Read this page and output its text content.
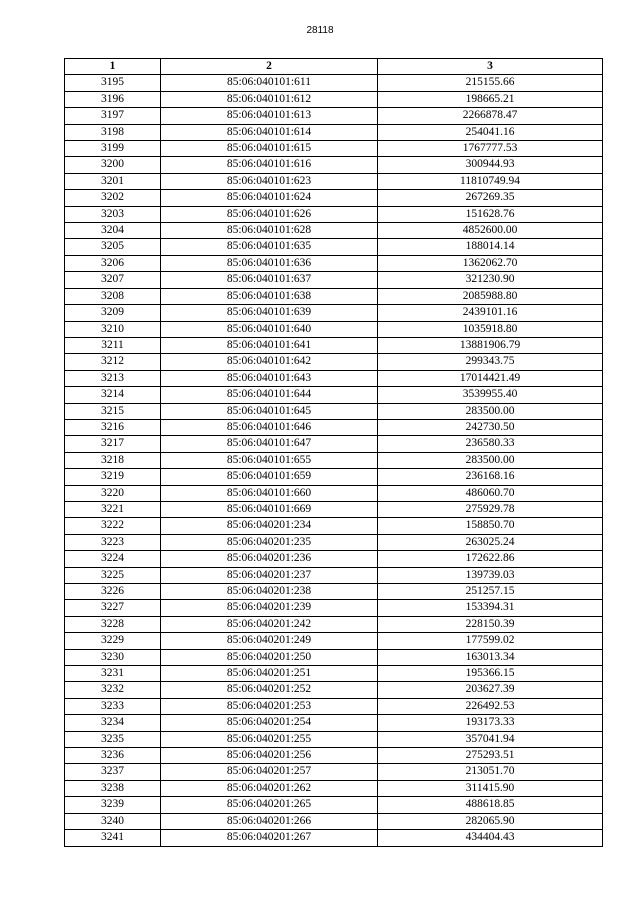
28118
1	2	3
3195	85:06:040101:611	215155.66
3196	85:06:040101:612	198665.21
3197	85:06:040101:613	2266878.47
3198	85:06:040101:614	254041.16
3199	85:06:040101:615	1767777.53
3200	85:06:040101:616	300944.93
3201	85:06:040101:623	11810749.94
3202	85:06:040101:624	267269.35
3203	85:06:040101:626	151628.76
3204	85:06:040101:628	4852600.00
3205	85:06:040101:635	188014.14
3206	85:06:040101:636	1362062.70
3207	85:06:040101:637	321230.90
3208	85:06:040101:638	2085988.80
3209	85:06:040101:639	2439101.16
3210	85:06:040101:640	1035918.80
3211	85:06:040101:641	13881906.79
3212	85:06:040101:642	299343.75
3213	85:06:040101:643	17014421.49
3214	85:06:040101:644	3539955.40
3215	85:06:040101:645	283500.00
3216	85:06:040101:646	242730.50
3217	85:06:040101:647	236580.33
3218	85:06:040101:655	283500.00
3219	85:06:040101:659	236168.16
3220	85:06:040101:660	486060.70
3221	85:06:040101:669	275929.78
3222	85:06:040201:234	158850.70
3223	85:06:040201:235	263025.24
3224	85:06:040201:236	172622.86
3225	85:06:040201:237	139739.03
3226	85:06:040201:238	251257.15
3227	85:06:040201:239	153394.31
3228	85:06:040201:242	228150.39
3229	85:06:040201:249	177599.02
3230	85:06:040201:250	163013.34
3231	85:06:040201:251	195366.15
3232	85:06:040201:252	203627.39
3233	85:06:040201:253	226492.53
3234	85:06:040201:254	193173.33
3235	85:06:040201:255	357041.94
3236	85:06:040201:256	275293.51
3237	85:06:040201:257	213051.70
3238	85:06:040201:262	311415.90
3239	85:06:040201:265	488618.85
3240	85:06:040201:266	282065.90
3241	85:06:040201:267	434404.43
